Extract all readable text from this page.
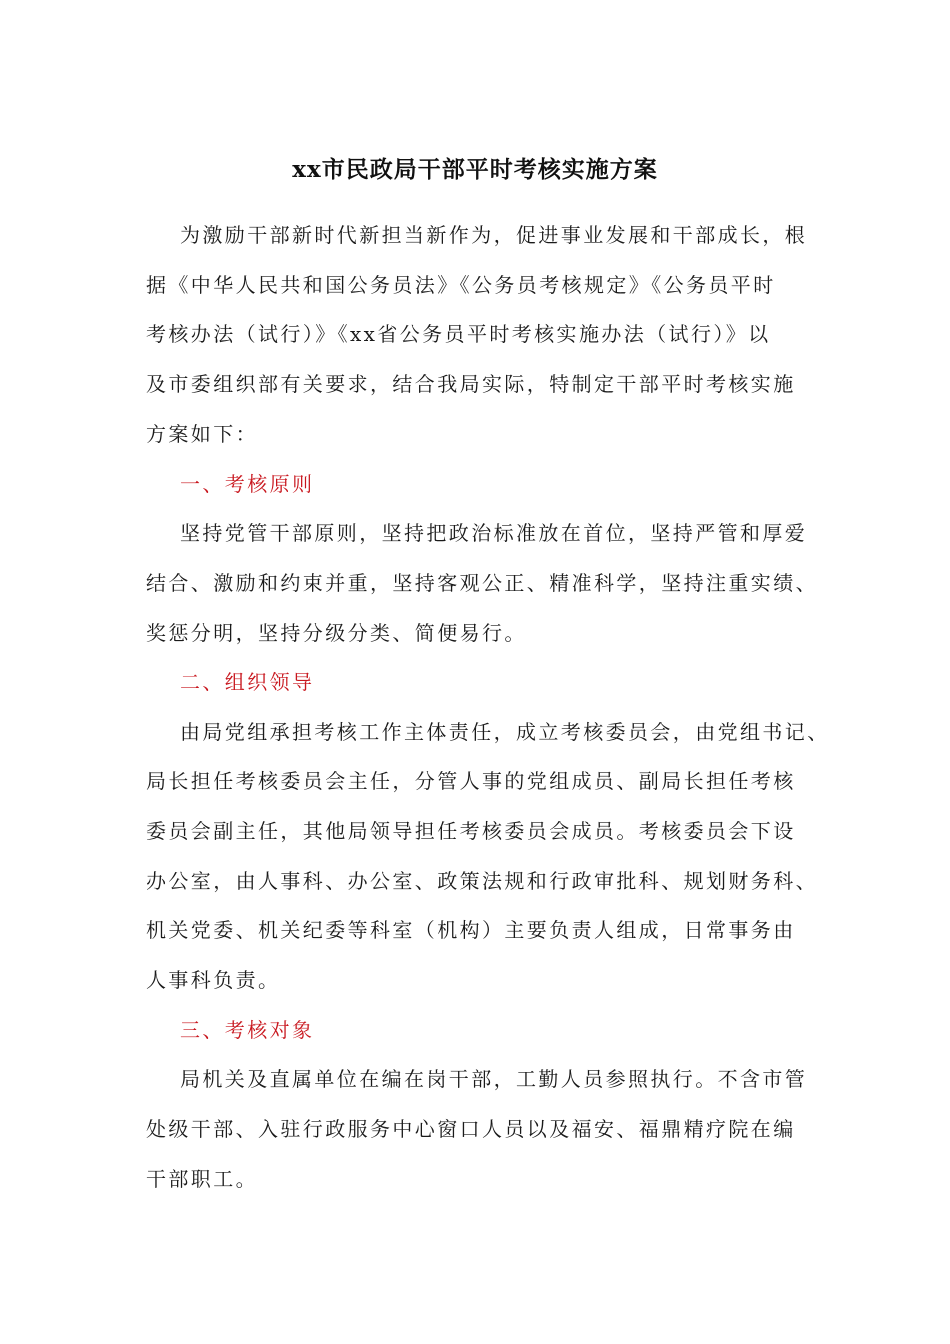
xx市民政局干部平时考核实施方案
为激励干部新时代新担当新作为，促进事业发展和干部成长，根
据《中华人民共和国公务员法》《公务员考核规定》《公务员平时
考核办法（试行）》《xx省公务员平时考核实施办法（试行）》以
及市委组织部有关要求，结合我局实际，特制定干部平时考核实施
方案如下：
一、考核原则
坚持党管干部原则，坚持把政治标准放在首位，坚持严管和厚爱
结合、激励和约束并重，坚持客观公正、精准科学，坚持注重实绩、
奖惩分明，坚持分级分类、简便易行。
二、组织领导
由局党组承担考核工作主体责任，成立考核委员会，由党组书记、
局长担任考核委员会主任，分管人事的党组成员、副局长担任考核
委员会副主任，其他局领导担任考核委员会成员。考核委员会下设
办公室，由人事科、办公室、政策法规和行政审批科、规划财务科、
机关党委、机关纪委等科室（机构）主要负责人组成，日常事务由
人事科负责。
三、考核对象
局机关及直属单位在编在岗干部，工勤人员参照执行。不含市管
处级干部、入驻行政服务中心窗口人员以及福安、福鼎精疗院在编
干部职工。
